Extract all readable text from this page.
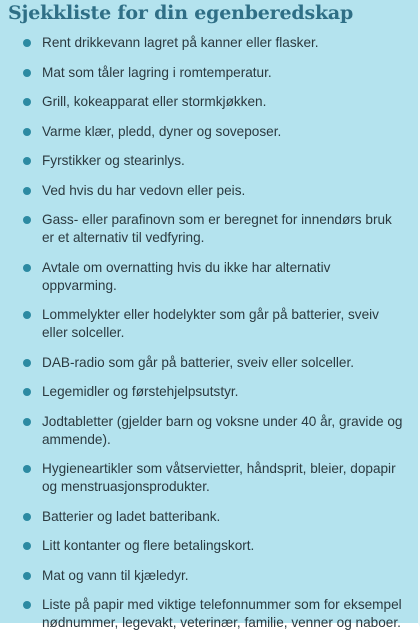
Sjekkliste for din egenberedskap
Rent drikkevann lagret på kanner eller flasker.
Mat som tåler lagring i romtemperatur.
Grill, kokeapparat eller stormkjøkken.
Varme klær, pledd, dyner og soveposer.
Fyrstikker og stearinlys.
Ved hvis du har vedovn eller peis.
Gass- eller parafinovn som er beregnet for innendørs bruk er et alternativ til vedfyring.
Avtale om overnatting hvis du ikke har alternativ oppvarming.
Lommelykter eller hodelykter som går på batterier, sveiv eller solceller.
DAB-radio som går på batterier, sveiv eller solceller.
Legemidler og førstehjelpsutstyr.
Jodtabletter (gjelder barn og voksne under 40 år, gravide og ammende).
Hygieneartikler som våtservietter, håndsprit, bleier, dopapir og menstruasjonsprodukter.
Batterier og ladet batteribank.
Litt kontanter og flere betalingskort.
Mat og vann til kjæledyr.
Liste på papir med viktige telefonnummer som for eksempel nødnummer, legevakt, veterinær, familie, venner og naboer.
